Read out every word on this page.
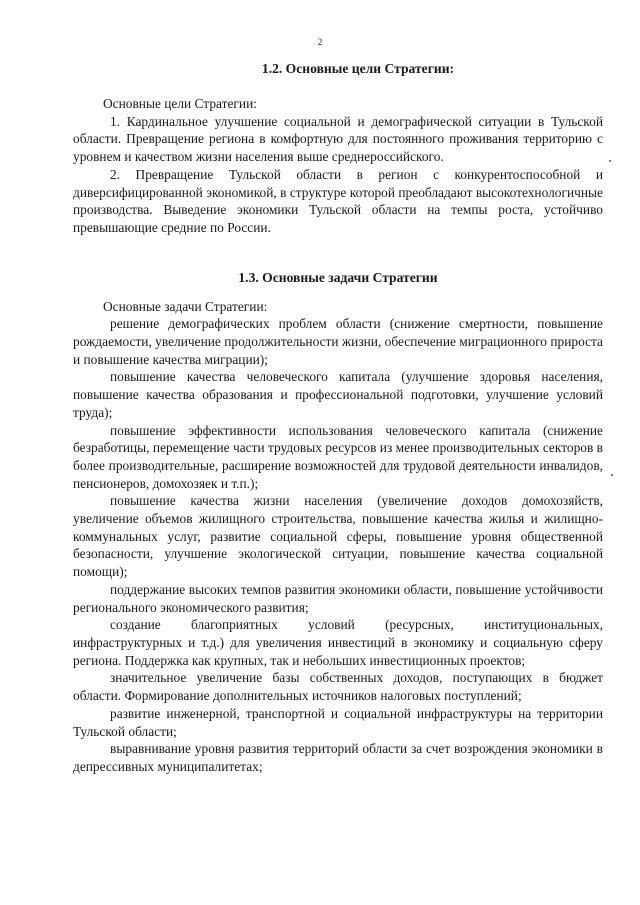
2
1.2. Основные цели Стратегии:

Основные цели Стратегии:

1. Кардинальное улучшение социальной и демографической ситуации в Тульской области. Превращение региона в комфортную для постоянного проживания территорию с уровнем и качеством жизни населения выше среднероссийского.

2. Превращение Тульской области в регион с конкурентоспособной и диверсифицированной экономикой, в структуре которой преобладают высокотехнологичные производства. Выведение экономики Тульской области на темпы роста, устойчиво превышающие средние по России.

1.3. Основные задачи Стратегии

Основные задачи Стратегии:

решение демографических проблем области (снижение смертности, повышение рождаемости, увеличение продолжительности жизни, обеспечение миграционного прироста и повышение качества миграции);

повышение качества человеческого капитала (улучшение здоровья населения, повышение качества образования и профессиональной подготовки, улучшение условий труда);

повышение эффективности использования человеческого капитала (снижение безработицы, перемещение части трудовых ресурсов из менее производительных секторов в более производительные, расширение возможностей для трудовой деятельности инвалидов, пенсионеров, домохозяек и т.п.);

повышение качества жизни населения (увеличение доходов домохозяйств, увеличение объемов жилищного строительства, повышение качества жилья и жилищно-коммунальных услуг, развитие социальной сферы, повышение уровня общественной безопасности, улучшение экологической ситуации, повышение качества социальной помощи);

поддержание высоких темпов развития экономики области, повышение устойчивости регионального экономического развития;

создание благоприятных условий (ресурсных, институциональных, инфраструктурных и т.д.) для увеличения инвестиций в экономику и социальную сферу региона. Поддержка как крупных, так и небольших инвестиционных проектов;

значительное увеличение базы собственных доходов, поступающих в бюджет области. Формирование дополнительных источников налоговых поступлений;

развитие инженерной, транспортной и социальной инфраструктуры на территории Тульской области;

выравнивание уровня развития территорий области за счет возрождения экономики в депрессивных муниципалитетах;
